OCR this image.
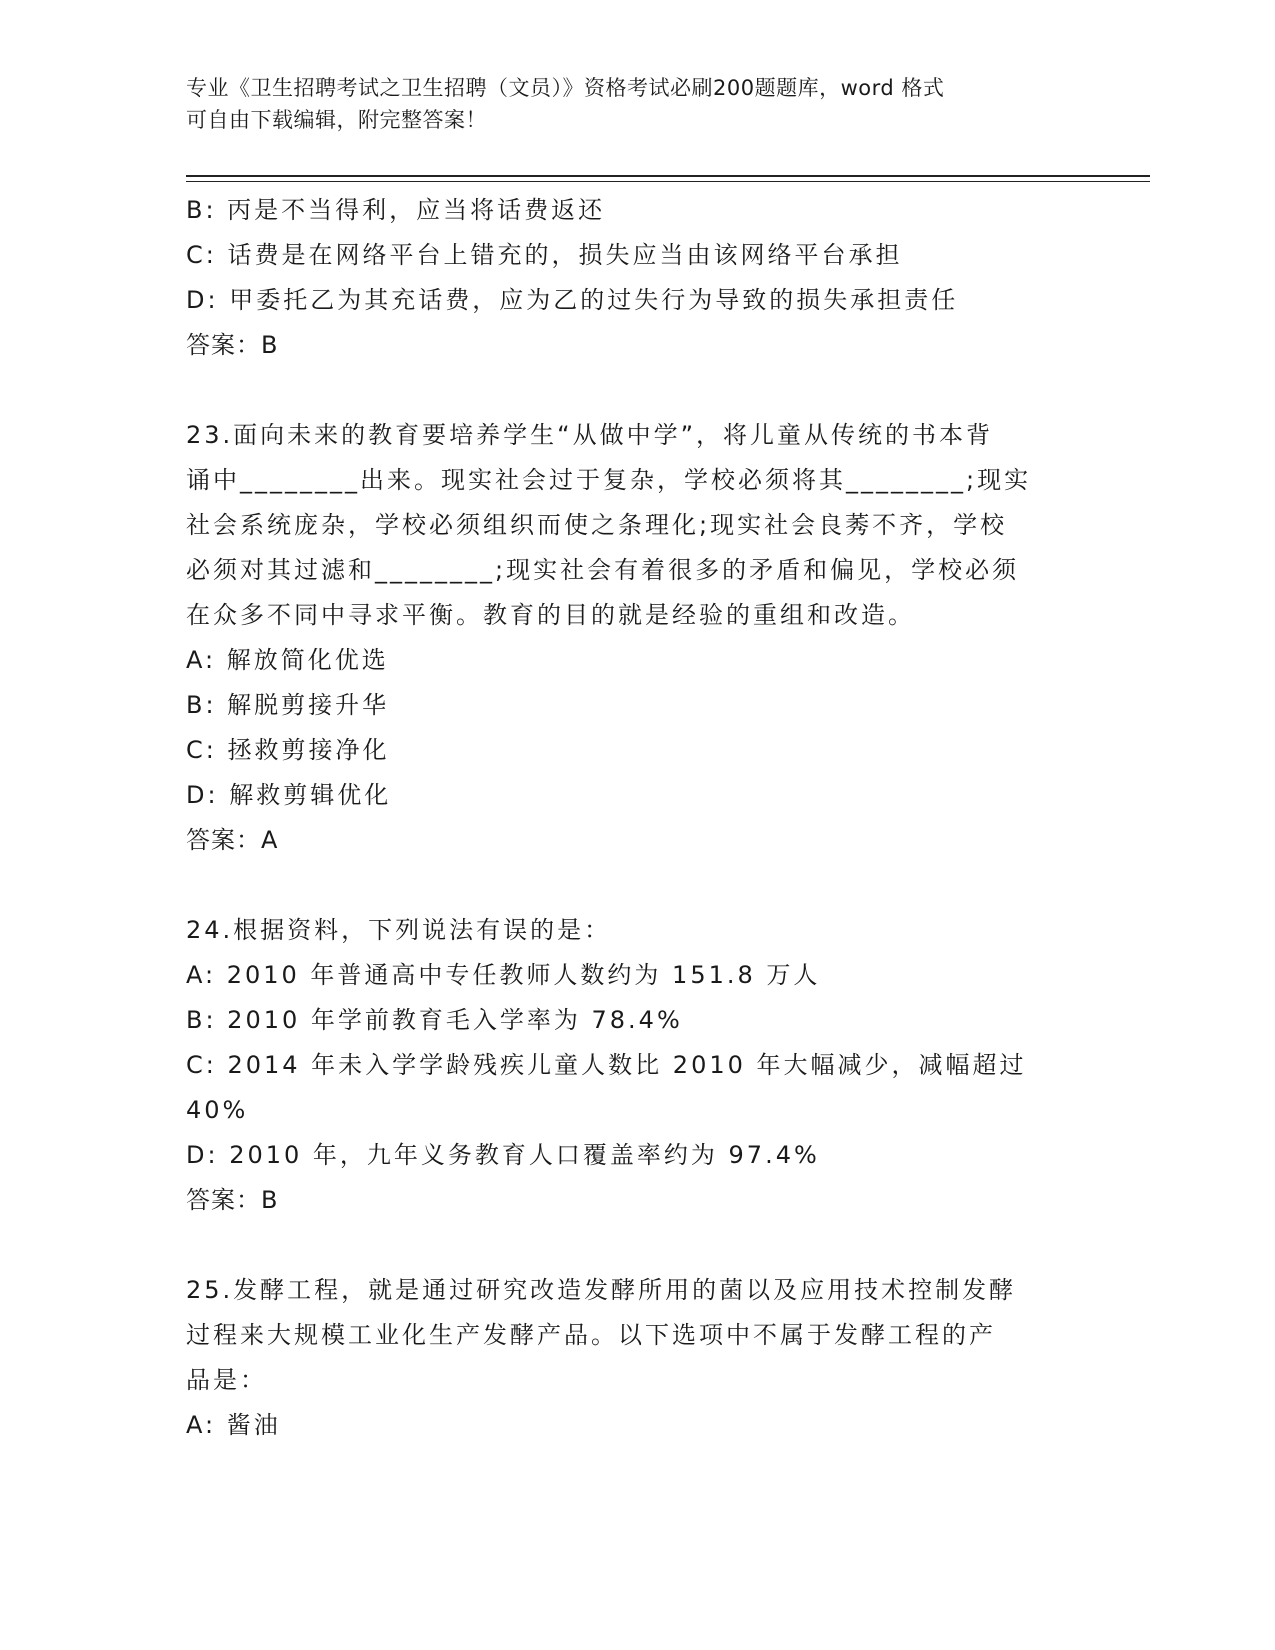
专业《卫生招聘考试之卫生招聘（文员）》资格考试必刷200题题库，word 格式
可自由下载编辑，附完整答案！
B: 丙是不当得利，应当将话费返还
C: 话费是在网络平台上错充的，损失应当由该网络平台承担
D: 甲委托乙为其充话费，应为乙的过失行为导致的损失承担责任
答案：B
23.面向未来的教育要培养学生“从做中学”，将儿童从传统的书本背
诵中________出来。现实社会过于复杂，学校必须将其________;现实
社会系统庞杂，学校必须组织而使之条理化;现实社会良莠不齐，学校
必须对其过滤和________;现实社会有着很多的矛盾和偏见，学校必须
在众多不同中寻求平衡。教育的目的就是经验的重组和改造。
A: 解放简化优选
B: 解脱剪接升华
C: 拯救剪接净化
D: 解救剪辑优化
答案：A
24.根据资料，下列说法有误的是：
A: 2010 年普通高中专任教师人数约为 151.8 万人
B: 2010 年学前教育毛入学率为 78.4%
C: 2014 年未入学学龄残疾儿童人数比 2010 年大幅减少，减幅超过
40%
D: 2010 年，九年义务教育人口覆盖率约为 97.4%
答案：B
25.发酵工程，就是通过研究改造发酵所用的菌以及应用技术控制发酵
过程来大规模工业化生产发酵产品。以下选项中不属于发酵工程的产
品是：
A: 酱油
